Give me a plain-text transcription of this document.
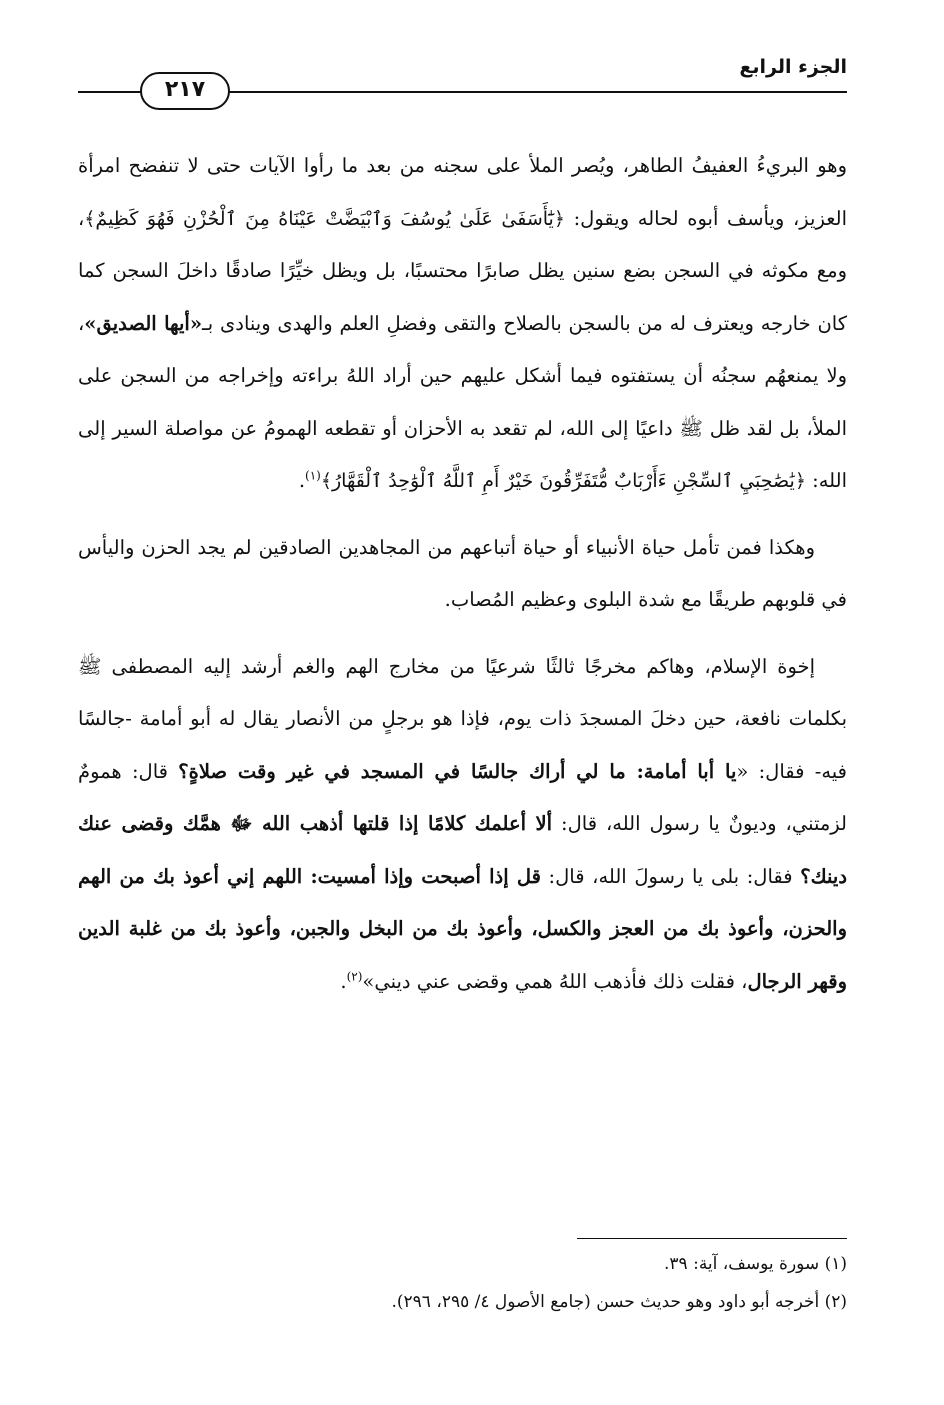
الجزء الرابع
٢١٧

وهو البريءُ العفيفُ الطاهر، ويُصر الملأ على سجنه من بعد ما رأوا الآيات حتى لا تنفضح امرأة العزيز، ويأسف أبوه لحاله ويقول: ﴿يَٰٓأَسَفَىٰ عَلَىٰ يُوسُفَ وَٱبْيَضَّتْ عَيْنَاهُ مِنَ ٱلْحُزْنِ فَهُوَ كَظِيمٌ﴾، ومع مكوثه في السجن بضع سنين يظل صابرًا محتسبًا، بل ويظل خيِّرًا صادقًا داخلَ السجن كما كان خارجه ويعترف له من بالسجن بالصلاح والتقى وفضلِ العلم والهدى وينادى بـ«أيها الصديق»، ولا يمنعهُم سجنُه أن يستفتوه فيما أشكل عليهم حين أراد اللهُ براءته وإخراجه من السجن على الملأ، بل لقد ظل ﷺ داعيًا إلى الله، لم تقعد به الأحزان أو تقطعه الهمومُ عن مواصلة السير إلى الله: ﴿يَٰصَٰحِبَيِ ٱلسِّجْنِ ءَأَرْبَابٌ مُّتَفَرِّقُونَ خَيْرٌ أَمِ ٱللَّهُ ٱلْوَٰحِدُ ٱلْقَهَّارُ﴾$^{(١)}$.

وهكذا فمن تأمل حياة الأنبياء أو حياة أتباعهم من المجاهدين الصادقين لم يجد الحزن واليأس في قلوبهم طريقًا مع شدة البلوى وعظيم المُصاب.

إخوة الإسلام، وهاكم مخرجًا ثالثًا شرعيًا من مخارج الهم والغم أرشد إليه المصطفى ﷺ بكلمات نافعة، حين دخلَ المسجدَ ذات يوم، فإذا هو برجلٍ من الأنصار يقال له أبو أمامة -جالسًا فيه- فقال: «يا أبا أمامة: ما لي أراك جالسًا في المسجد في غير وقت صلاةٍ؟ قال: همومٌ لزمتني، وديونٌ يا رسول الله، قال: ألا أعلمك كلامًا إذا قلتها أذهب الله ﷻ همَّك وقضى عنك دينك؟ فقال: بلى يا رسولَ الله، قال: قل إذا أصبحت وإذا أمسيت: اللهم إني أعوذ بك من الهم والحزن، وأعوذ بك من العجز والكسل، وأعوذ بك من البخل والجبن، وأعوذ بك من غلبة الدين وقهر الرجال، فقلت ذلك فأذهب اللهُ همي وقضى عني ديني»$^{(٢)}$.

(١) سورة يوسف، آية: ٣٩.

(٢) أخرجه أبو داود وهو حديث حسن (جامع الأصول ٤/ ٢٩٥، ٢٩٦).
